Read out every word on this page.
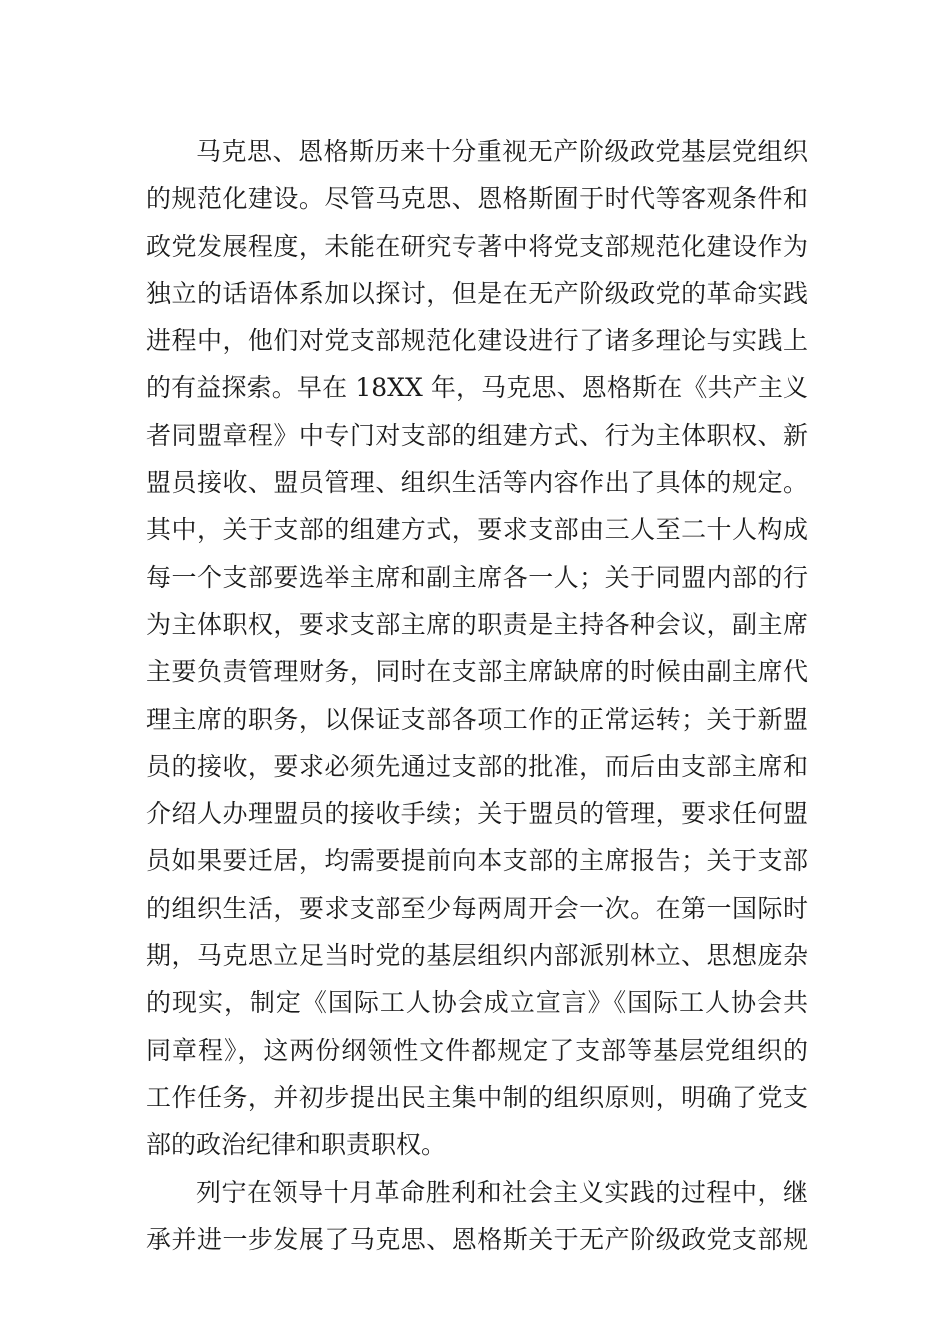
马克思、恩格斯历来十分重视无产阶级政党基层党组织
的规范化建设。尽管马克思、恩格斯囿于时代等客观条件和
政党发展程度，未能在研究专著中将党支部规范化建设作为
独立的话语体系加以探讨，但是在无产阶级政党的革命实践
进程中，他们对党支部规范化建设进行了诸多理论与实践上
的有益探索。早在 18XX 年，马克思、恩格斯在《共产主义
者同盟章程》中专门对支部的组建方式、行为主体职权、新
盟员接收、盟员管理、组织生活等内容作出了具体的规定。
其中，关于支部的组建方式，要求支部由三人至二十人构成
每一个支部要选举主席和副主席各一人；关于同盟内部的行
为主体职权，要求支部主席的职责是主持各种会议，副主席
主要负责管理财务，同时在支部主席缺席的时候由副主席代
理主席的职务，以保证支部各项工作的正常运转；关于新盟
员的接收，要求必须先通过支部的批准，而后由支部主席和
介绍人办理盟员的接收手续；关于盟员的管理，要求任何盟
员如果要迁居，均需要提前向本支部的主席报告；关于支部
的组织生活，要求支部至少每两周开会一次。在第一国际时
期，马克思立足当时党的基层组织内部派别林立、思想庞杂
的现实，制定《国际工人协会成立宣言》《国际工人协会共
同章程》，这两份纲领性文件都规定了支部等基层党组织的
工作任务，并初步提出民主集中制的组织原则，明确了党支
部的政治纪律和职责职权。
列宁在领导十月革命胜利和社会主义实践的过程中，继
承并进一步发展了马克思、恩格斯关于无产阶级政党支部规
